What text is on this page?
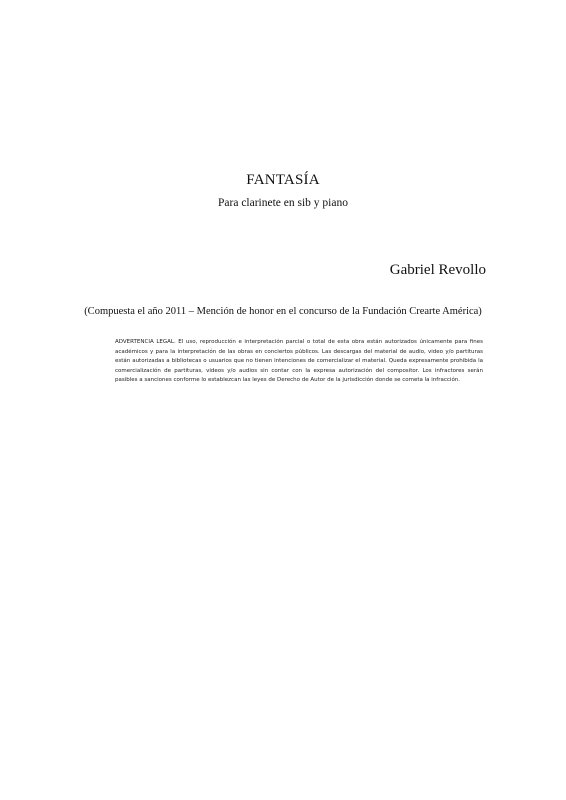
FANTASÍA
Para clarinete en sib y piano
Gabriel Revollo
(Compuesta el año 2011 – Mención de honor en el concurso de la Fundación Crearte América)
ADVERTENCIA LEGAL. El uso, reproducción e interpretación parcial o total de esta obra están autorizados únicamente para fines académicos y para la interpretación de las obras en conciertos públicos. Las descargas del material de audio, video y/o partituras están autorizadas a bibliotecas o usuarios que no tienen intenciones de comercializar el material. Queda expresamente prohibida la comercialización de partituras, videos y/o audios sin contar con la expresa autorización del compositor. Los infractores serán pasibles a sanciones conforme lo establezcan las leyes de Derecho de Autor de la jurisdicción donde se cometa la infracción.
